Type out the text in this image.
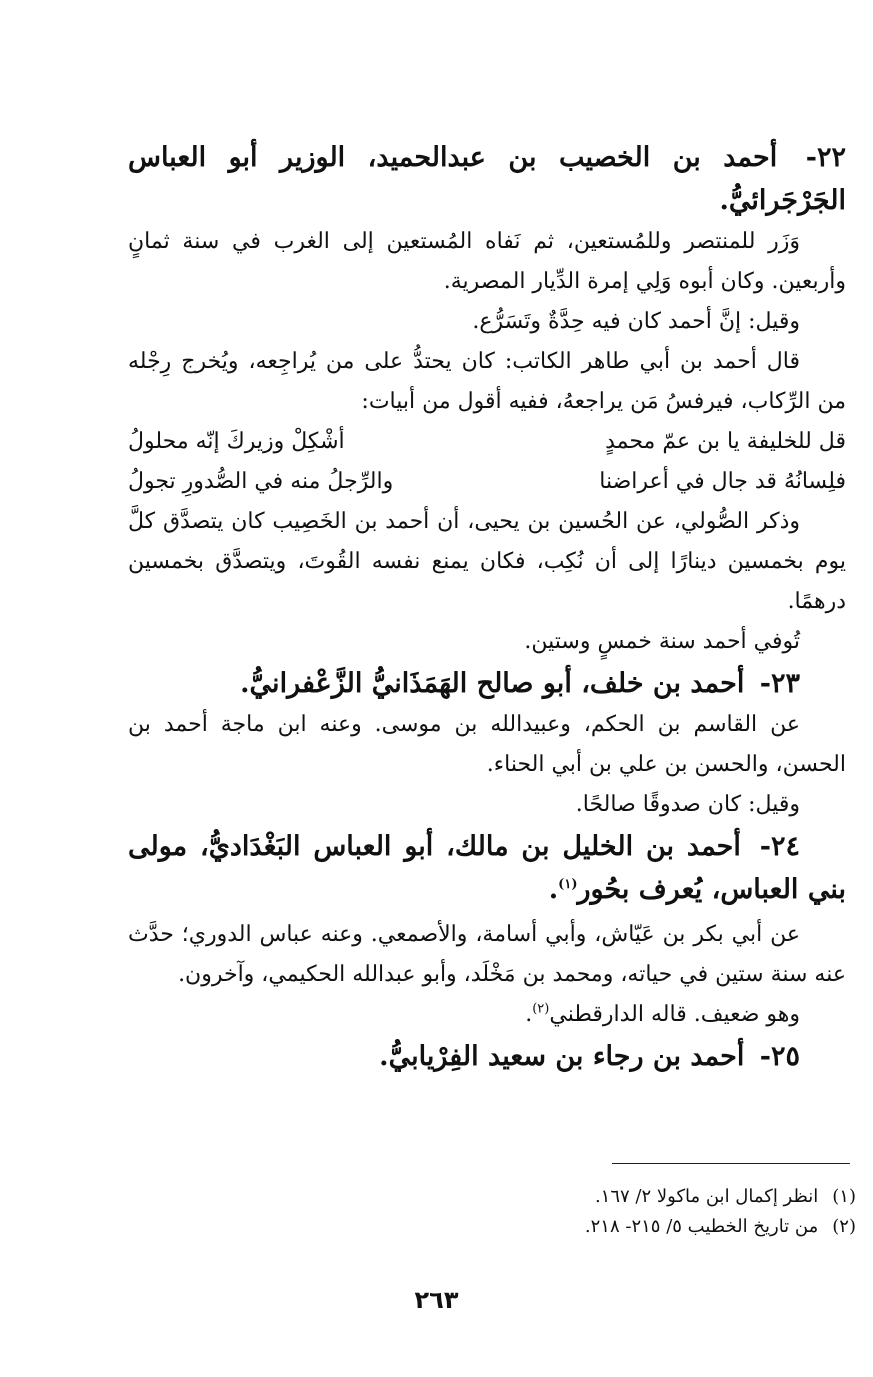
٢٢- أحمد بن الخصيب بن عبدالحميد، الوزير أبو العباس الجَرْجَرائيُّ.

وَزَر للمنتصر وللمُستعين، ثم نَفاه المُستعين إلى الغرب في سنة ثمانٍ وأربعين. وكان أبوه وَلِي إمرة الدِّيار المصرية.

وقيل: إنَّ أحمد كان فيه حِدَّةٌ وتَسَرُّع.

قال أحمد بن أبي طاهر الكاتب: كان يحتدُّ على من يُراجِعه، ويُخرج رِجْله من الرِّكاب، فيرفسُ مَن يراجعهُ، ففيه أقول من أبيات:

قل للخليفة يا بن عمّ محمدٍ
أشْكِلْ وزيركَ إنّه محلولُ
فلِسانُهُ قد جال في أعراضنا
والرِّجلُ منه في الصُّدورِ تجولُ

وذكر الصُّولي، عن الحُسين بن يحيى، أن أحمد بن الخَصِيب كان يتصدَّق كلَّ يوم بخمسين دينارًا إلى أن نُكِب، فكان يمنع نفسه القُوتَ، ويتصدَّق بخمسين درهمًا.

تُوفي أحمد سنة خمسٍ وستين.

٢٣- أحمد بن خلف، أبو صالح الهَمَذَانيُّ الزَّعْفرانيُّ.

عن القاسم بن الحكم، وعبيدالله بن موسى. وعنه ابن ماجة أحمد بن الحسن، والحسن بن علي بن أبي الحناء.

وقيل: كان صدوقًا صالحًا.

٢٤- أحمد بن الخليل بن مالك، أبو العباس البَغْدَاديُّ، مولى بني العباس، يُعرف بحُور$^{(١)}$.

عن أبي بكر بن عَيّاش، وأبي أسامة، والأصمعي. وعنه عباس الدوري؛ حدَّث عنه سنة ستين في حياته، ومحمد بن مَخْلَد، وأبو عبدالله الحكيمي، وآخرون.

وهو ضعيف. قاله الدارقطني$^{(٢)}$.

٢٥- أحمد بن رجاء بن سعيد الفِرْيابيُّ.

(١)
انظر إكمال ابن ماكولا ٢/ ١٦٧.
(٢)
من تاريخ الخطيب ٥/ ٢١٥- ٢١٨.
٢٦٣
